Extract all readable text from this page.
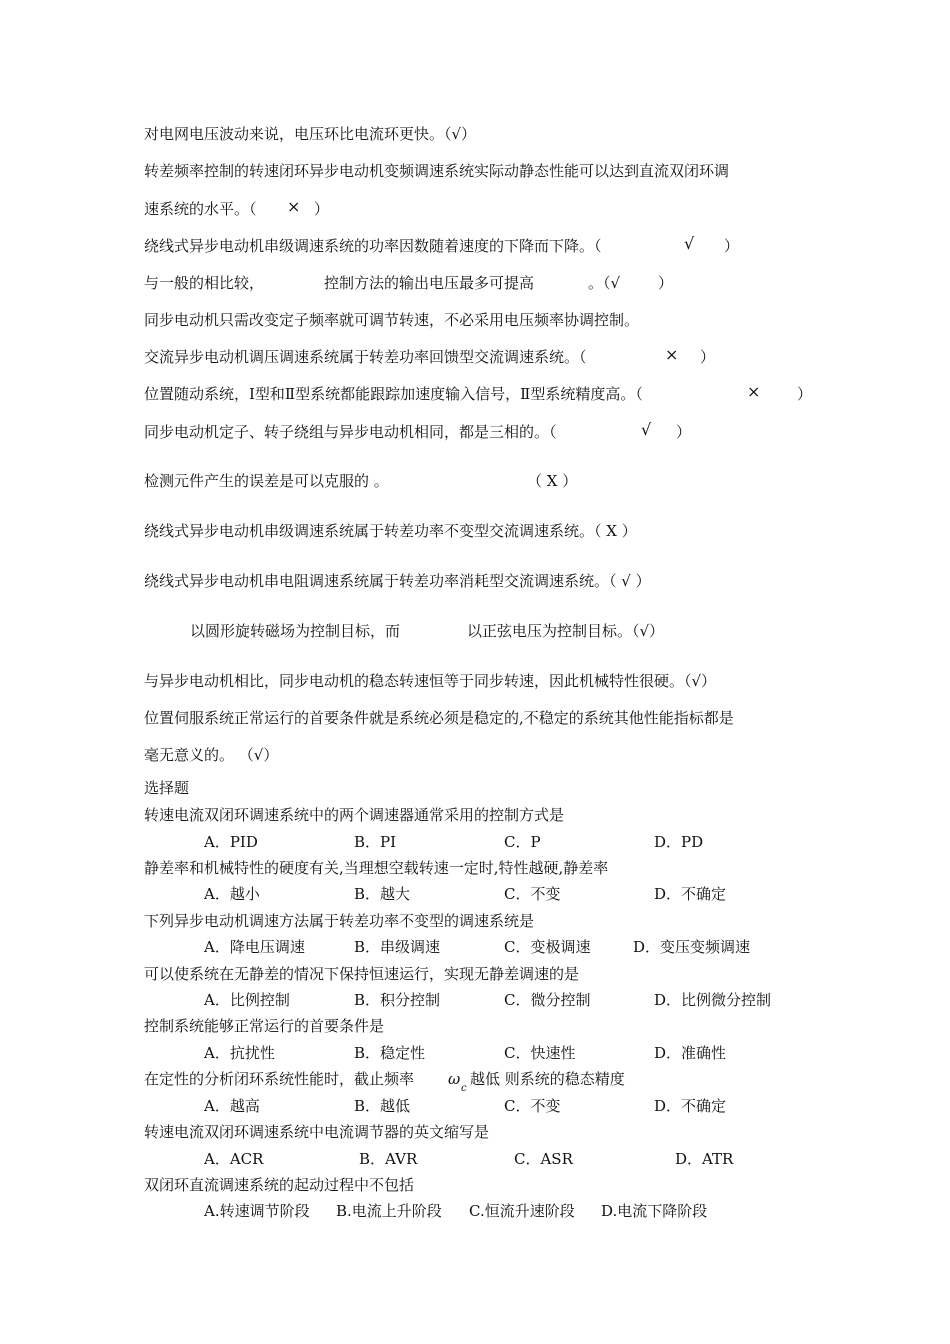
对电网电压波动来说，电压环比电流环更快。（√）
转差频率控制的转速闭环异步电动机变频调速系统实际动静态性能可以达到直流双闭环调
速系统的水平。（ × ）
绕线式异步电动机串级调速系统的功率因数随着速度的下降而下降。（	√ ）
与一般的相比较，	控制方法的输出电压最多可提高	。（√	）
同步电动机只需改变定子频率就可调节转速，不必采用电压频率协调控制。
交流异步电动机调压调速系统属于转差功率回馈型交流调速系统。（	× ）
位置随动系统，Ⅰ型和Ⅱ型系统都能跟踪加速度输入信号，Ⅱ型系统精度高。（	× ）
同步电动机定子、转子绕组与异步电动机相同，都是三相的。（	√ ）
检测元件产生的误差是可以克服的 。	（ X ）
绕线式异步电动机串级调速系统属于转差功率不变型交流调速系统。（ X ）
绕线式异步电动机串电阻调速系统属于转差功率消耗型交流调速系统。（ √ ）
以圆形旋转磁场为控制目标，而	以正弦电压为控制目标。（√）
与异步电动机相比，同步电动机的稳态转速恒等于同步转速，因此机械特性很硬。（√）
位置伺服系统正常运行的首要条件就是系统必须是稳定的,不稳定的系统其他性能指标都是
毫无意义的。 （√）
选择题
转速电流双闭环调速系统中的两个调速器通常采用的控制方式是
A．PID	B．PI	C．P	D．PD
静差率和机械特性的硬度有关,当理想空载转速一定时,特性越硬,静差率
A．越小	B．越大	C．不变	D．不确定
下列异步电动机调速方法属于转差功率不变型的调速系统是
A．降电压调速	B．串级调速	C．变极调速	D．变压变频调速
可以使系统在无静差的情况下保持恒速运行，实现无静差调速的是
A．比例控制	B．积分控制	C．微分控制	D．比例微分控制
控制系统能够正常运行的首要条件是
A．抗扰性	B．稳定性	C．快速性	D．准确性
在定性的分析闭环系统性能时，截止频率 ω
c
越低 则系统的稳态精度
A．越高	B．越低	C．不变	D．不确定
转速电流双闭环调速系统中电流调节器的英文缩写是
A．ACR	B．AVR	C．ASR	D．ATR
双闭环直流调速系统的起动过程中不包括
A.转速调节阶段 B.电流上升阶段 C.恒流升速阶段 D.电流下降阶段
